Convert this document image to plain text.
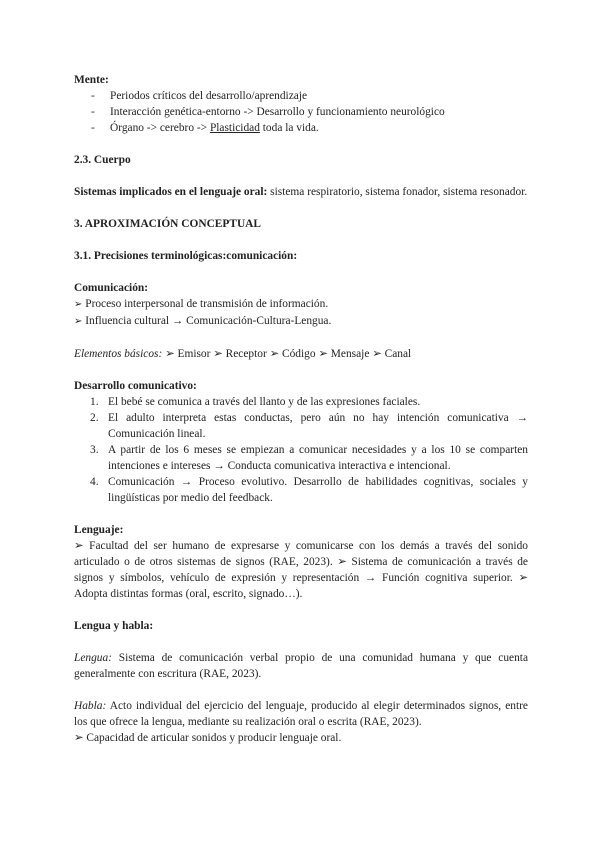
Mente:

- Periodos críticos del desarrollo/aprendizaje
- Interacción genética-entorno -> Desarrollo y funcionamiento neurológico
- Órgano -> cerebro -> Plasticidad toda la vida.

2.3. Cuerpo

Sistemas implicados en el lenguaje oral: sistema respiratorio, sistema fonador, sistema resonador.

3. APROXIMACIÓN CONCEPTUAL

3.1. Precisiones terminológicas:comunicación:

Comunicación:

➢ Proceso interpersonal de transmisión de información.

➢ Influencia cultural → Comunicación-Cultura-Lengua.

Elementos básicos: ➢ Emisor ➢ Receptor ➢ Código ➢ Mensaje ➢ Canal

Desarrollo comunicativo:

1. El bebé se comunica a través del llanto y de las expresiones faciales.
2. El adulto interpreta estas conductas, pero aún no hay intención comunicativa → Comunicación lineal.
3. A partir de los 6 meses se empiezan a comunicar necesidades y a los 10 se comparten intenciones e intereses → Conducta comunicativa interactiva e intencional.
4. Comunicación → Proceso evolutivo. Desarrollo de habilidades cognitivas, sociales y lingüísticas por medio del feedback.

Lenguaje:

➢ Facultad del ser humano de expresarse y comunicarse con los demás a través del sonido articulado o de otros sistemas de signos (RAE, 2023). ➢ Sistema de comunicación a través de signos y símbolos, vehículo de expresión y representación → Función cognitiva superior. ➢ Adopta distintas formas (oral, escrito, signado…).

Lengua y habla:

Lengua: Sistema de comunicación verbal propio de una comunidad humana y que cuenta generalmente con escritura (RAE, 2023).

Habla: Acto individual del ejercicio del lenguaje, producido al elegir determinados signos, entre los que ofrece la lengua, mediante su realización oral o escrita (RAE, 2023).

➢ Capacidad de articular sonidos y producir lenguaje oral.
